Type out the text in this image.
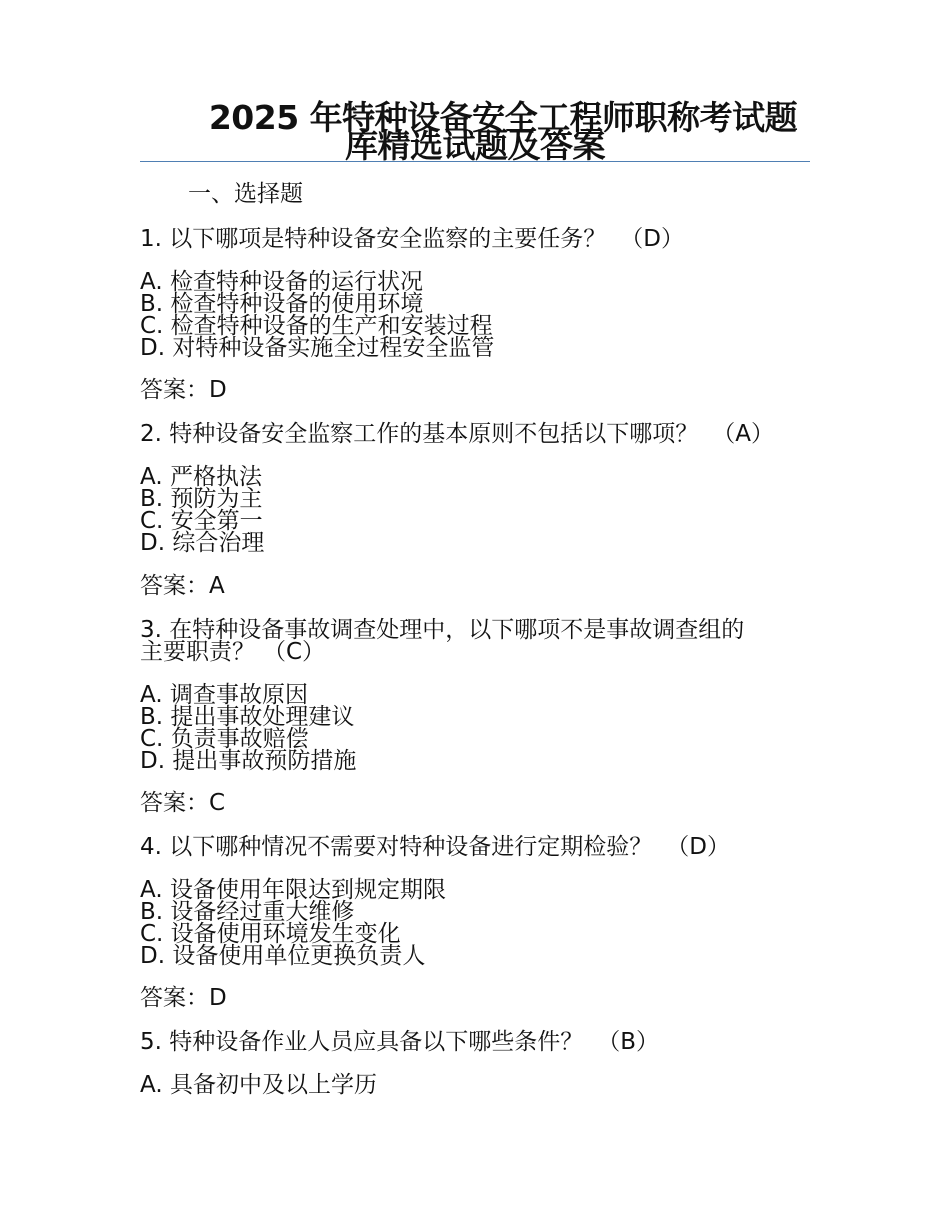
2025 年特种设备安全工程师职称考试题
库精选试题及答案
一、选择题
1. 以下哪项是特种设备安全监察的主要任务？ （D）
A. 检查特种设备的运行状况
B. 检查特种设备的使用环境
C. 检查特种设备的生产和安装过程
D. 对特种设备实施全过程安全监管
答案：D
2. 特种设备安全监察工作的基本原则不包括以下哪项？ （A）
A. 严格执法
B. 预防为主
C. 安全第一
D. 综合治理
答案：A
3. 在特种设备事故调查处理中，以下哪项不是事故调查组的
主要职责？ （C）
A. 调查事故原因
B. 提出事故处理建议
C. 负责事故赔偿
D. 提出事故预防措施
答案：C
4. 以下哪种情况不需要对特种设备进行定期检验？ （D）
A. 设备使用年限达到规定期限
B. 设备经过重大维修
C. 设备使用环境发生变化
D. 设备使用单位更换负责人
答案：D
5. 特种设备作业人员应具备以下哪些条件？ （B）
A. 具备初中及以上学历
